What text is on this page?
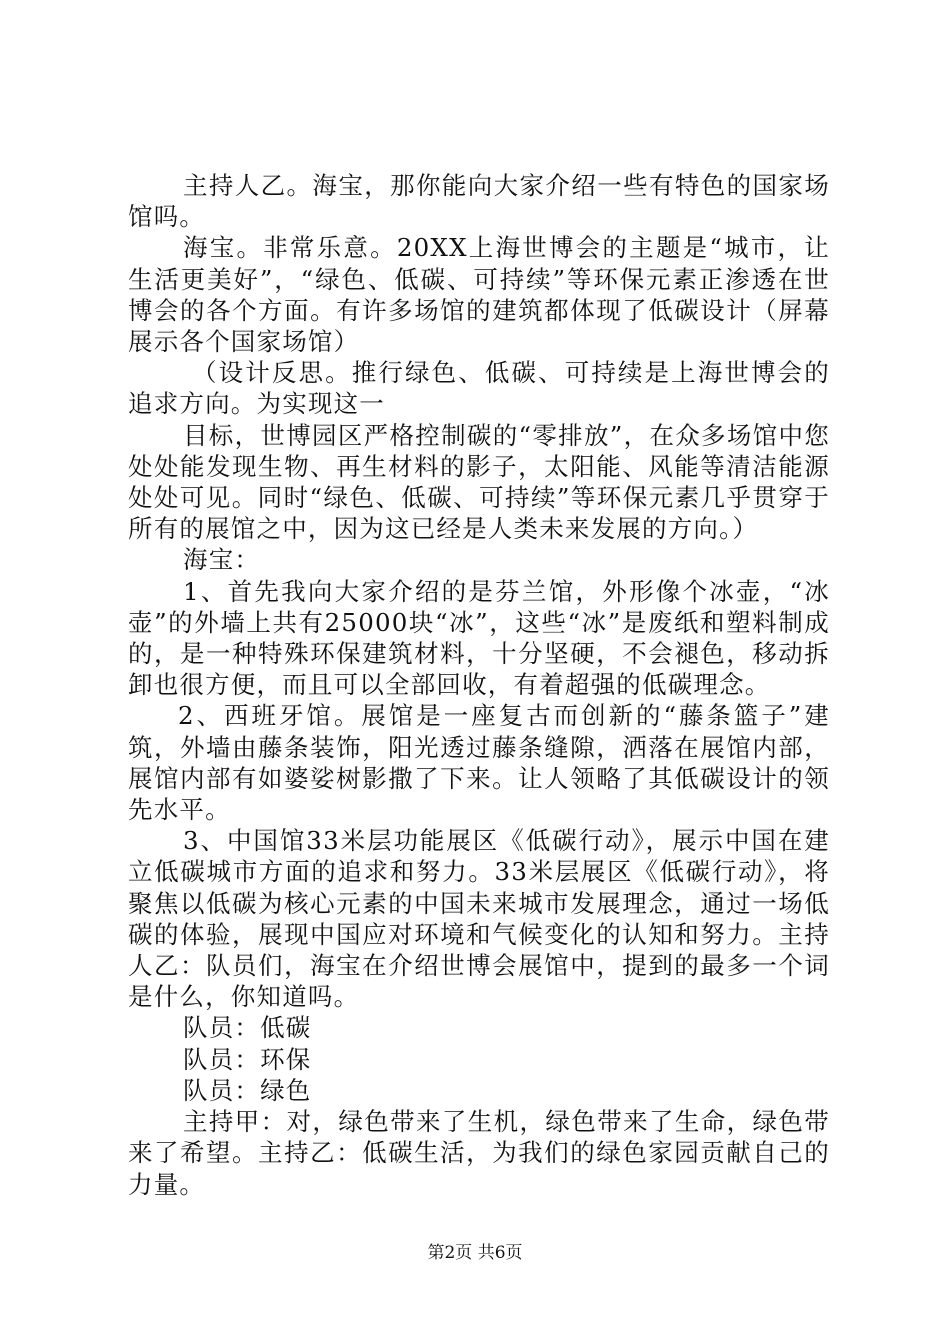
主持人乙。海宝，那你能向大家介绍一些有特色的国家场馆吗。

海宝。非常乐意。20XX上海世博会的主题是“城市，让生活更美好”，“绿色、低碳、可持续”等环保元素正渗透在世博会的各个方面。有许多场馆的建筑都体现了低碳设计（屏幕展示各个国家场馆）

（设计反思。推行绿色、低碳、可持续是上海世博会的追求方向。为实现这一

目标，世博园区严格控制碳的“零排放”，在众多场馆中您处处能发现生物、再生材料的影子，太阳能、风能等清洁能源处处可见。同时“绿色、低碳、可持续”等环保元素几乎贯穿于所有的展馆之中，因为这已经是人类未来发展的方向。）

海宝：

1、首先我向大家介绍的是芬兰馆，外形像个冰壶，“冰壶”的外墙上共有25000块“冰”，这些“冰”是废纸和塑料制成的，是一种特殊环保建筑材料，十分坚硬，不会褪色，移动拆卸也很方便，而且可以全部回收，有着超强的低碳理念。

2、西班牙馆。展馆是一座复古而创新的“藤条篮子”建筑，外墙由藤条装饰，阳光透过藤条缝隙，洒落在展馆内部，展馆内部有如婆娑树影撒了下来。让人领略了其低碳设计的领先水平。

3、中国馆33米层功能展区《低碳行动》，展示中国在建立低碳城市方面的追求和努力。33米层展区《低碳行动》，将聚焦以低碳为核心元素的中国未来城市发展理念，通过一场低碳的体验，展现中国应对环境和气候变化的认知和努力。主持人乙：队员们，海宝在介绍世博会展馆中，提到的最多一个词是什么，你知道吗。

队员：低碳

队员：环保

队员：绿色

主持甲：对，绿色带来了生机，绿色带来了生命，绿色带来了希望。主持乙：低碳生活，为我们的绿色家园贡献自己的力量。

第2页 共6页
